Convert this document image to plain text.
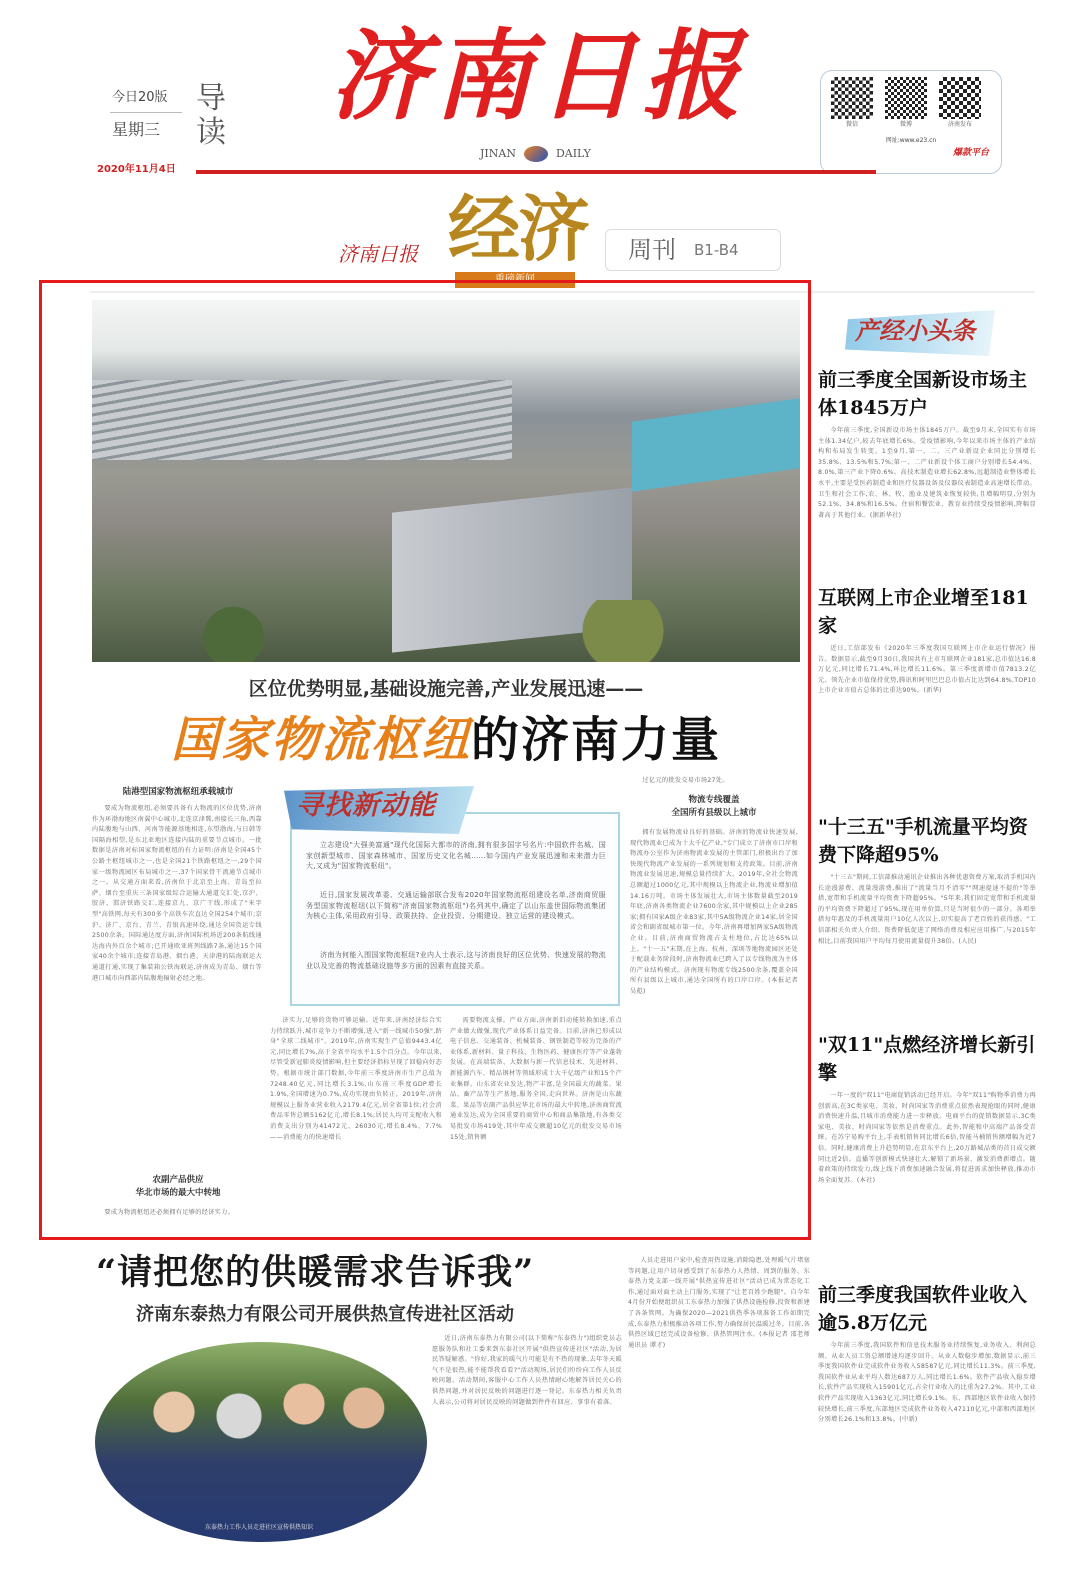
今日20版
星期三
导读 济南日报
JINAN	DAILY
微信	微博	济南发布
网址:www.e23.cn
爆款平台
2020年11月4日
济南日报 经济
重磅新闻
周刊 B1-B4
区位优势明显,基础设施完善,产业发展迅速——
国家物流枢纽的济南力量
陆港型国家物流枢纽承载城市
要成为物流枢纽,必须要具备有大物流的区位优势,济南作为环渤海地区南翼中心城市,北连京津冀,南接长三角,西靠内陆腹地与山西、河南等能源基地相连,东望渤海,与日韩等国隔海相望,是东北亚地区连接内陆的重要节点城市。一批数据是济南对标国家物流枢纽的有力证明:济南是全国45个公路主枢纽城市之一,也是全国21个铁路枢纽之一,29个国家一级物流园区布局城市之一,37个国家骨干流通节点城市之一。从交通方面来看,济南位于北京至上海、青岛至拉萨、烟台至重庆三条国家级综合运输大通道交汇处,京沪、胶济、邯济铁路交汇,连接京九、京广干线,形成了"米字型"高铁网,每天有300多个高铁车次直达全国254个城市;京沪、济广、京台、青兰、青银高速环绕,通达全国货运专线2500余条。国际通达度方面,济南国际机场近200条航线通达海内外百余个城市;已开通欧亚班列线路7条,通达15个国家40余个城市;连接青岛港、烟台港、天津港的陆海联运大通道打通,实现了集装箱公铁海联运,济南成为青岛、烟台等港口城市向西部内陆腹地辐射必经之地。
农副产品供应
华北市场的最大中转地
要成为物流枢纽还必须拥有足够的经济实力。
寻找新动能
立志建设"大强美富通"现代化国际大都市的济南,拥有很多国字号名片:中国软件名城、国家创新型城市、国家森林城市、国家历史文化名城……如今国内产业发展迅速和未来潜力巨大,又成为"国家物流枢纽"。
近日,国家发展改革委、交通运输部联合发布2020年国家物流枢纽建设名单,济南商贸服务型国家物流枢纽(以下简称"济南国家物流枢纽")名列其中,确定了以山东盖世国际物流集团为核心主体,采用政府引导、政策扶持、企业投资、分期建设、独立运营的建设模式。
济南为何能入围国家物流枢纽?业内人士表示,这与济南良好的区位优势、快速发展的物流业以及完善的物流基础设施等多方面的因素有直接关系。
济实力,足够的货物可够运输。近年来,济南经济综合实力持续跃升,城市竞争力不断增强,进入"新一线城市50强",跻身"全球二线城市"。2019年,济南实现生产总值9443.4亿元,同比增长7%,高于全省平均水平1.5个百分点。今年以来,尽管受新冠肺炎疫情影响,但主要经济指标呈现了回稳向好态势。根据市统计部门数据,今年前三季度济南市生产总值为7248.40亿元,同比增长3.1%,山东前三季度GDP增长1.9%,全国增速为0.7%,成功实现由负转正。2019年,济南规模以上服务业营业收入2179.4亿元,居全省第1位;社会消费品零售总额5162亿元,增长8.1%;居民人均可支配收入和消费支出分别为41472元、26030元,增长8.4%、7.7%——消费能力的快速增长
需要物流支撑。产业方面,济南新旧动能转换加速,重点产业做大做强,现代产业体系日益完备。目前,济南已形成以电子信息、交通装备、机械装备、钢铁制造等较为完备的产业体系,新材料、量子科技、生物医药、健康医疗等产业蓬勃发展。在高端装备、大数据与新一代信息技术、先进材料、新能源汽车、精品钢材等领域形成十大千亿级产业和15个产业集群。山东省农业发达,物产丰富,是全国最大的蔬菜、果品、畜产品等生产基地,服务全国,走向世界。济南是山东蔬菜、果品等农副产品供应华北市场的最大中转地,济南商贸流通业发达,成为全国重要的商贸中心和商品集散地,有各类交易批发市场419处,其中年成交额超10亿元的批发交易市场15处,销售额
过亿元的批发交易市场27处。
物流专线覆盖
全国所有县级以上城市
拥有发展物流业良好的基础。济南的物流业快速发展,现代物流业已成为十大千亿产业,"专门成立了济南市口岸和物流办公室作为济南物流业发展的主管部门,积极出台了加快现代物流产业发展的一系列规划和支持政策。目前,济南物流业发展迅速,规模总量持续扩大。2019年,全社会物流总额超过1000亿元,其中规模以上物流企业,物流业增加值14.16万吨。市场主体发展壮大,市场主体数量截至2019年底,济南各类物流企业7600余家,其中规模以上企业285家;拥有国家A级企业83家,其中5A级物流企业14家,居全国省会和副省级城市第一位。今年,济南再增加两家5A级物流企业。目前,济南商贸物流占支柱地位,占比达65%以上。"十一五"末期,在上海、杭州、深圳等地物流园区还处于配载业务阶段时,济南物流业已跨入了以专线物流为主体的产业结构模式。济南现有物流专线2500余条,覆盖全国所有县级以上城市,通达全国所有的口岸口岸。(本报记者 吴彪)
产经小头条
前三季度全国新设市场主体1845万户
今年前三季度,全国新设市场主体1845万户。截至9月末,全国实有市场主体1.34亿户,较去年底增长6%。受疫情影响,今年以来市场主体的产业结构和布局发生转变。1至9月,第一、二、三产业新设企业同比分别增长35.8%、13.5%和5.7%;第一、二产业新设个体工商户分别增长54.4%、8.0%,第三产业下降0.6%。高技术制造业增长62.8%,远超制造业整体增长水平,主要是受医药制造业和医疗仪器设备及仪器仪表制造业高速增长带动。卫生和社会工作,农、林、牧、渔业及建筑业恢复较快,且增幅明显,分别为52.1%、34.8%和16.5%。住宿和餐饮业、教育业持续受疫情影响,降幅显著高于其他行业。(据新华社)
互联网上市企业增至181家
近日,工信部发布《2020年三季度我国互联网上市企业运行情况》报告。数据显示,截至9月30日,我国共有上市互联网企业181家,总市值达16.8万亿元,同比增长71.4%,环比增长11.6%。第三季度新增市值7813.2亿元。领先企业市值保持优势,腾讯和阿里巴巴总市值占比达到64.8%,TOP10上市企业市值占总体的比重达90%。(新华)
"十三五"手机流量平均资费下降超95%
"十三五"期间,工信部推动通讯企业推出各种优惠资费方案,取消手机国内长途漫游费、流量漫游费,推出了"流量当月不清零""网速提速不提价"等举措,宽带和手机流量平均资费下降超95%。"5年来,我们固定宽带和手机流量的平均资费下降超过了95%,现在用单价算,只是当时很少的一部分。各项举措每年惠及的手机流量用户10亿人次以上,切实提高了老百姓的获得感。"工信部相关负责人介绍。资费降低促进了网络消费及相应应用推广,与2015年相比,目前我国用户平均每月使用流量提升38倍。(人民)
"双11"点燃经济增长新引擎
一年一度的"双11"电商促销活动已经开启。今年"双11"购物季消费力再创新高,在3C类家电、美妆、时尚国家等消费重点依然表现抢眼的同时,健康消费快速升温,且城市消费能力进一步释放。电商平台的促销数据显示,3C类家电、美妆、时尚国家等依然是消费重点。此外,智能和中高端产品备受青睐。在苏宁易购平台上,手表机销售同比增长6倍,智能马桶销售额增幅为近7倍。同时,健康消费上升趋势明显,在京东平台上,20万路城品类的首日成交额同比近2倍。直播等创新模式快速壮大,解锁了新场景、激发消费新增点。随着政策的持续发力,线上线下消费加速融合发展,将促进需求加快释放,推动市场全面复苏。(本社)
前三季度我国软件业收入逾5.8万亿元
今年前三季度,我国软件和信息技术服务业持续恢复,业务收入、利润总额、从业人员工资总额增速均逐步回升。从业人数稳步增加,数据显示,前三季度我国软件业完成软件业务收入58587亿元,同比增长11.3%。前三季度,我国软件业从业平均人数达687万人,同比增长1.6%。软件产品收入稳步增长,软件产品实现收入15901亿元,占全行业收入的比重为27.2%。其中,工业软件产品实现收入1363亿元,同比增长9.1%。东、西部地区软件业收入保持较快增长,前三季度,东部地区完成软件业务收入47110亿元,中部和西部地区分别增长26.1%和13.8%。(中新)
“请把您的供暖需求告诉我”
济南东泰热力有限公司开展供热宣传进社区活动
东泰热力工作人员走进社区宣传供热知识
近日,济南东泰热力有限公司(以下简称"东泰热力")组织党员志愿服务队和社工委来到东泰社区开展"供热宣传进社区"活动,为居民答疑解惑。"你好,我家的暖气片可能是有不热的现象,去年冬天暖气不是很热,能不能帮我看看?"活动现场,居民们纷纷向工作人员反映问题。活动期间,客服中心工作人员热情耐心地解答居民关心的供热问题,并对居民反映的问题进行逐一登记。东泰热力相关负责人表示,公司将对居民反映的问题做到件件有回应、事事有着落。
人员走进用户家中,检查用热设施,消除隐患,处理暖气片堵塞等问题,让用户切身感受到了东泰热力人热情、周到的服务。东泰热力党支部一线开展"供热宣传进社区"活动已成为常态化工作,通过面对面主动上门服务,实现了"让老百姓少跑腿"。自今年4月份开始便组织员工东泰热力加强了供热设施检修,投资和新建了各条管网。为确保2020—2021供热季各项准备工作如期完成,东泰热力积极推动各项工作,努力确保居民温暖过冬。目前,各供热区域已经完成设备检修、供热管网注水。(本报记者 邵老师 通讯员 谭才)
